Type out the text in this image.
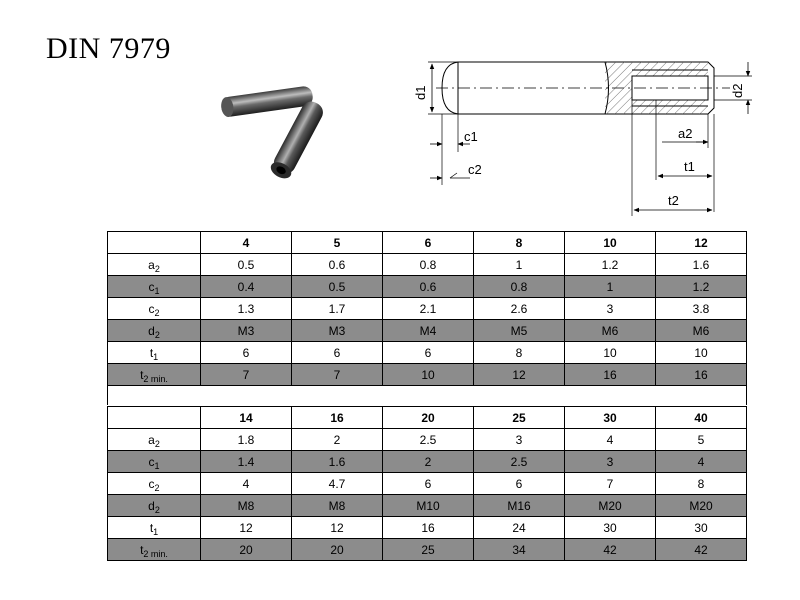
DIN 7979
d1	d2
c1
c2
a2
t1
t2
	4	5	6	8	10	12
$a_2$	0.5	0.6	0.8	1	1.2	1.6
$c_1$	0.4	0.5	0.6	0.8	1	1.2
$c_2$	1.3	1.7	2.1	2.6	3	3.8
$d_2$	M3	M3	M4	M5	M6	M6
$t_1$	6	6	6	8	10	10
$t_{2 min.}$	7	7	10	12	16	16
	14	16	20	25	30	40
$a_2$	1.8	2	2.5	3	4	5
$c_1$	1.4	1.6	2	2.5	3	4
$c_2$	4	4.7	6	6	7	8
$d_2$	M8	M8	M10	M16	M20	M20
$t_1$	12	12	16	24	30	30
$t_{2 min.}$	20	20	25	34	42	42
